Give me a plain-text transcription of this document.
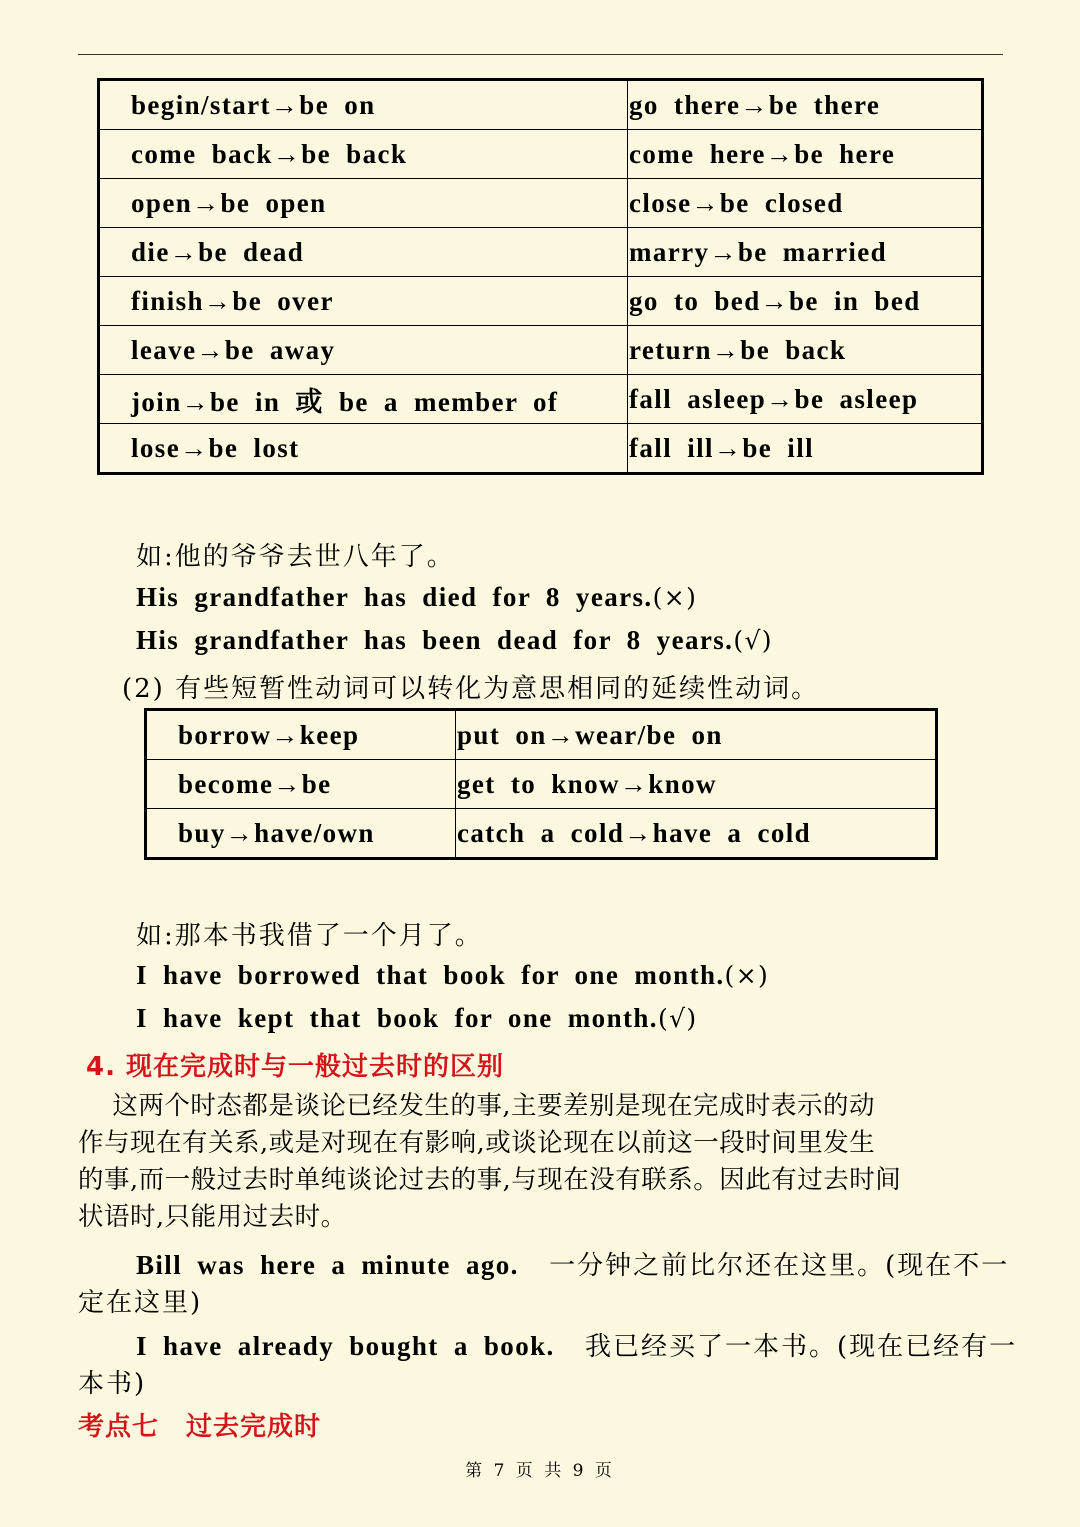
begin/start→be on	go there→be there
come back→be back	come here→be here
open→be open	close→be closed
die→be dead	marry→be married
finish→be over	go to bed→be in bed
leave→be away	return→be back
join→be in 或 be a member of	fall asleep→be asleep
lose→be lost	fall ill→be ill
如:他的爷爷去世八年了。
His grandfather has died for 8 years.(×)
His grandfather has been dead for 8 years.(√)
(2) 有些短暂性动词可以转化为意思相同的延续性动词。
borrow→keep	put on→wear/be on
become→be	get to know→know
buy→have/own	catch a cold→have a cold
如:那本书我借了一个月了。
I have borrowed that book for one month.(×)
I have kept that book for one month.(√)
4. 现在完成时与一般过去时的区别
这两个时态都是谈论已经发生的事,主要差别是现在完成时表示的动
作与现在有关系,或是对现在有影响,或谈论现在以前这一段时间里发生
的事,而一般过去时单纯谈论过去的事,与现在没有联系。因此有过去时间
状语时,只能用过去时。
Bill was here a minute ago. 一分钟之前比尔还在这里。(现在不一
定在这里)
I have already bought a book. 我已经买了一本书。(现在已经有一
本书)
考点七　过去完成时
第 7 页 共 9 页
